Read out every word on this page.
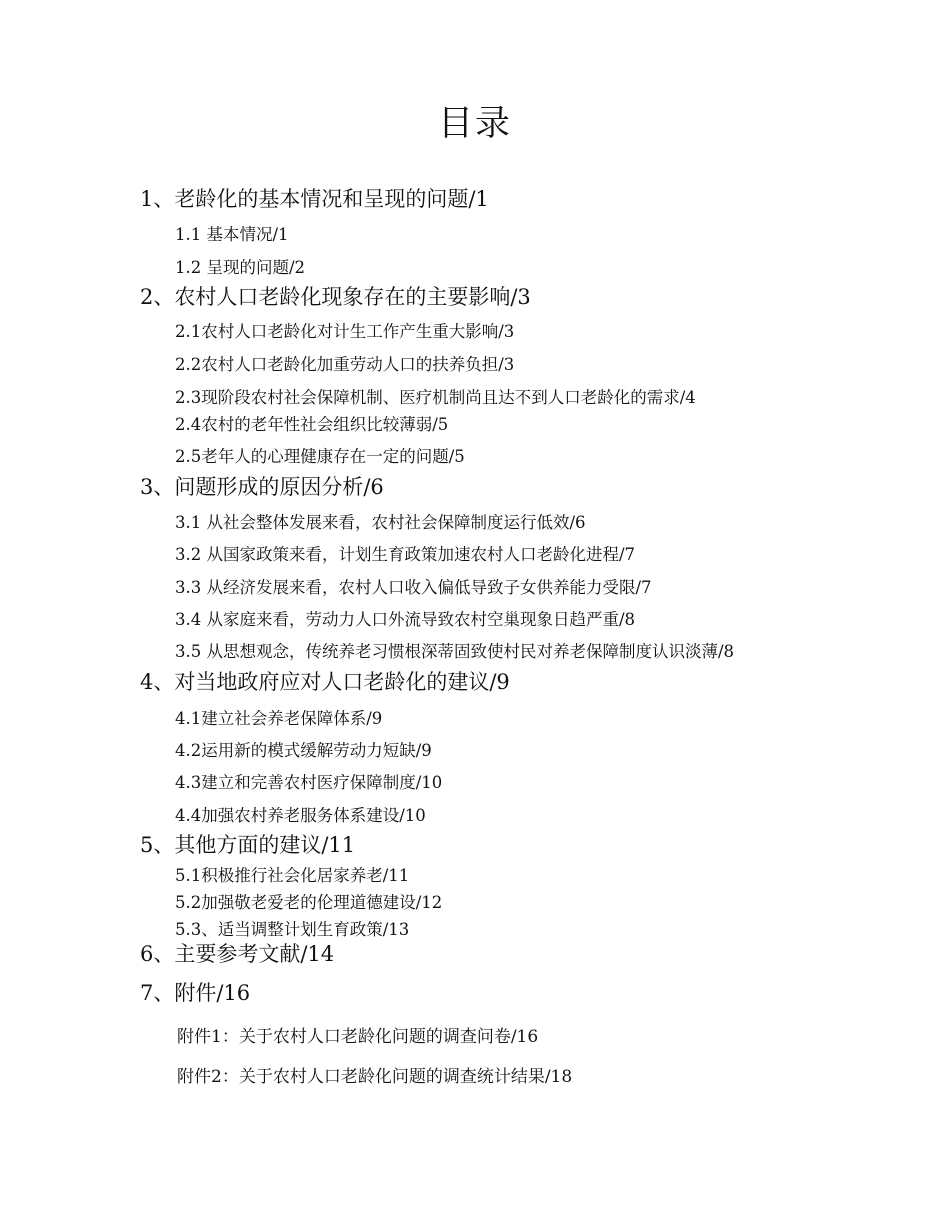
目录
1、老龄化的基本情况和呈现的问题/1
1.1 基本情况/1
1.2 呈现的问题/2
2、农村人口老龄化现象存在的主要影响/3
2.1农村人口老龄化对计生工作产生重大影响/3
2.2农村人口老龄化加重劳动人口的扶养负担/3
2.3现阶段农村社会保障机制、医疗机制尚且达不到人口老龄化的需求/4
2.4农村的老年性社会组织比较薄弱/5
2.5老年人的心理健康存在一定的问题/5
3、问题形成的原因分析/6
3.1 从社会整体发展来看，农村社会保障制度运行低效/6
3.2 从国家政策来看，计划生育政策加速农村人口老龄化进程/7
3.3 从经济发展来看，农村人口收入偏低导致子女供养能力受限/7
3.4 从家庭来看，劳动力人口外流导致农村空巢现象日趋严重/8
3.5 从思想观念，传统养老习惯根深蒂固致使村民对养老保障制度认识淡薄/8
4、对当地政府应对人口老龄化的建议/9
4.1建立社会养老保障体系/9
4.2运用新的模式缓解劳动力短缺/9
4.3建立和完善农村医疗保障制度/10
4.4加强农村养老服务体系建设/10
5、其他方面的建议/11
5.1积极推行社会化居家养老/11
5.2加强敬老爱老的伦理道德建设/12
5.3、适当调整计划生育政策/13
6、主要参考文献/14
7、附件/16
附件1：关于农村人口老龄化问题的调查问卷/16
附件2：关于农村人口老龄化问题的调查统计结果/18
